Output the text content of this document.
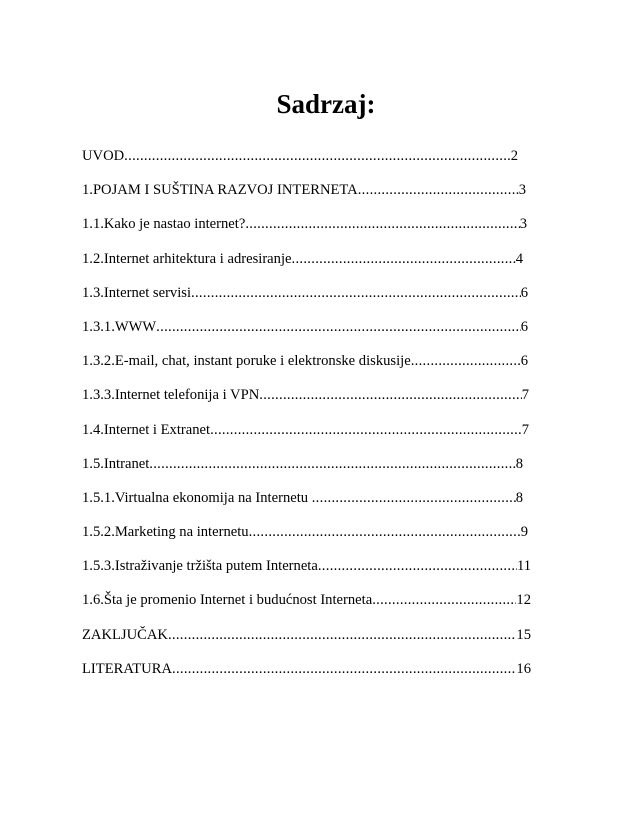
Sadrzaj:
UVOD .....	2
1.POJAM I SUŠTINA RAZVOJ INTERNETA .....	3
1.1.Kako je nastao internet? .....	3
1.2.Internet arhitektura i adresiranje .....	4
1.3.Internet servisi .....	6
1.3.1.WWW .....	6
1.3.2.E-mail, chat, instant poruke i elektronske diskusije .....	6
1.3.3.Internet telefonija i VPN .....	7
1.4.Internet i Extranet .....	7
1.5.Intranet .....	8
1.5.1.Virtualna ekonomija na Internetu .....	8
1.5.2.Marketing na internetu .....	9
1.5.3.Istraživanje tržišta putem Interneta .....	11
1.6.Šta je promenio Internet i budućnost Interneta .....	12
ZAKLJUČAK .....	15
LITERATURA .....	16
